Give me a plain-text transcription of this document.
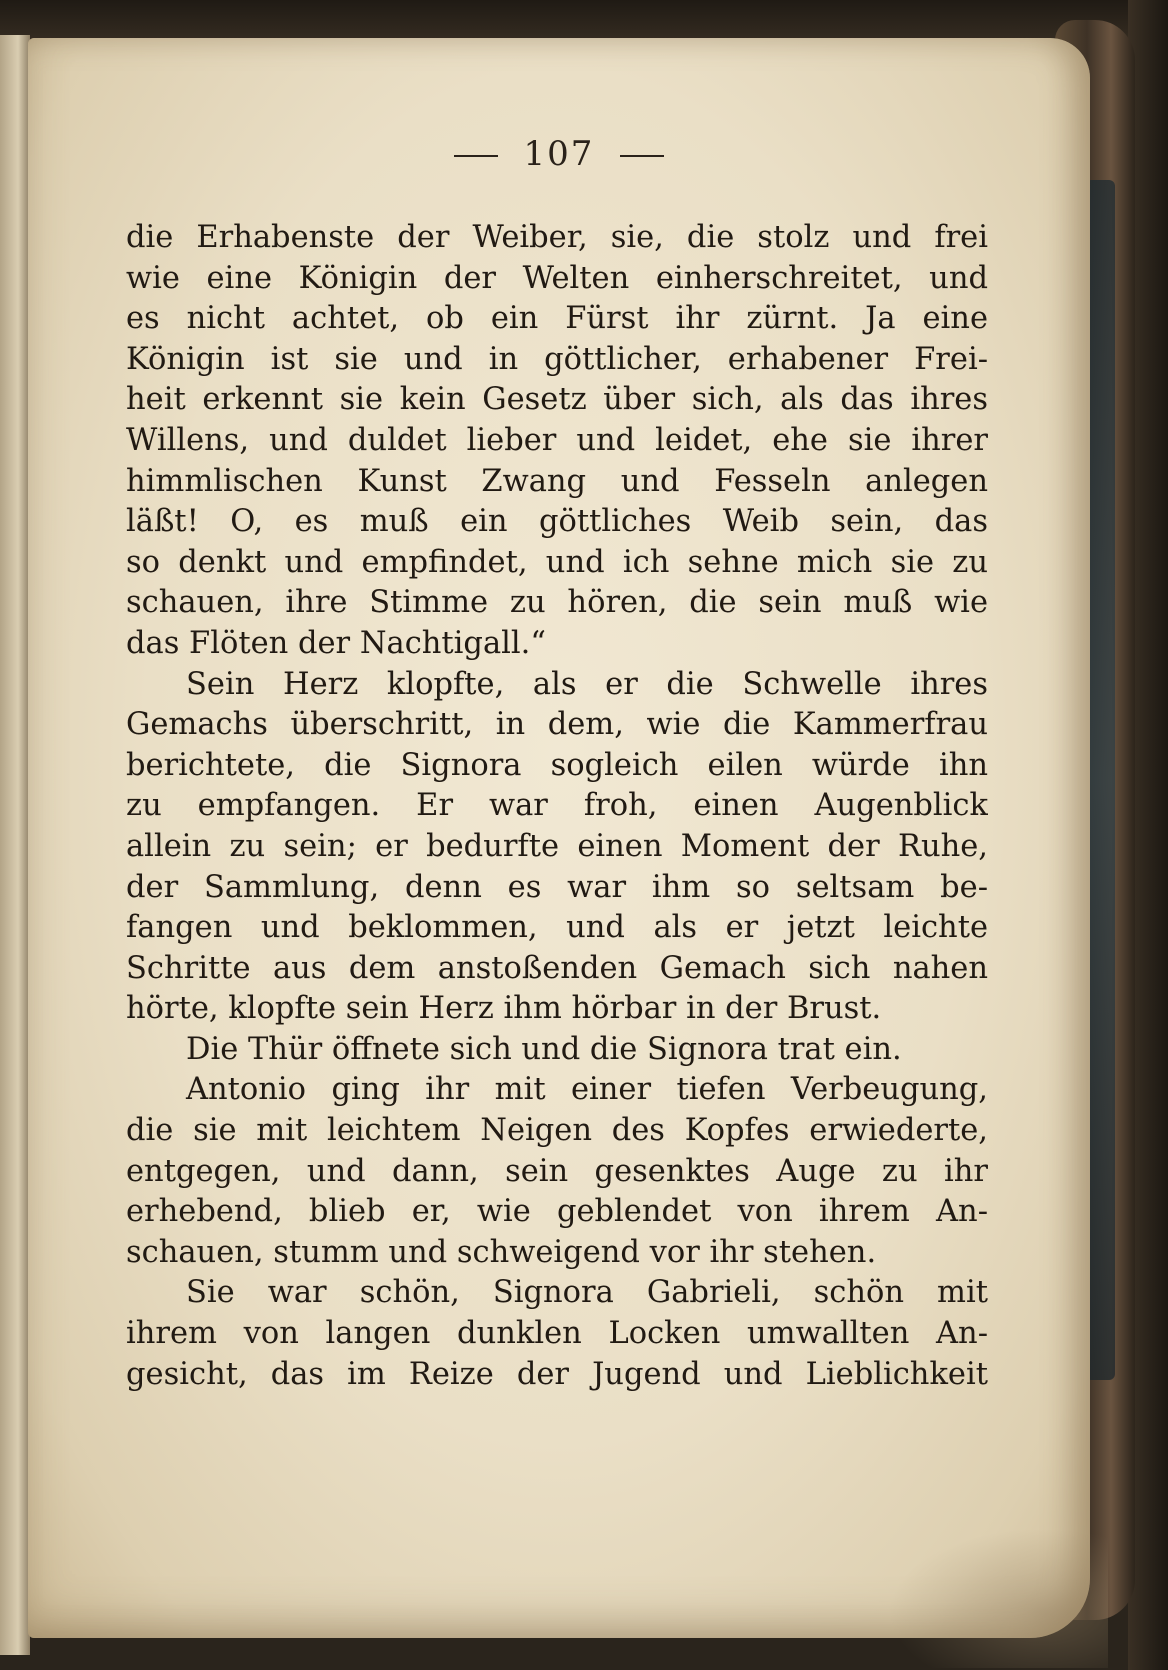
107
die Erhabenste der Weiber, sie, die stolz und frei
wie eine Königin der Welten einherschreitet, und
es nicht achtet, ob ein Fürst ihr zürnt. Ja eine
Königin ist sie und in göttlicher, erhabener Frei-
heit erkennt sie kein Gesetz über sich, als das ihres
Willens, und duldet lieber und leidet, ehe sie ihrer
himmlischen Kunst Zwang und Fesseln anlegen
läßt! O, es muß ein göttliches Weib sein, das
so denkt und empfindet, und ich sehne mich sie zu
schauen, ihre Stimme zu hören, die sein muß wie
das Flöten der Nachtigall.“
Sein Herz klopfte, als er die Schwelle ihres
Gemachs überschritt, in dem, wie die Kammerfrau
berichtete, die Signora sogleich eilen würde ihn
zu empfangen. Er war froh, einen Augenblick
allein zu sein; er bedurfte einen Moment der Ruhe,
der Sammlung, denn es war ihm so seltsam be-
fangen und beklommen, und als er jetzt leichte
Schritte aus dem anstoßenden Gemach sich nahen
hörte, klopfte sein Herz ihm hörbar in der Brust.
Die Thür öffnete sich und die Signora trat ein.
Antonio ging ihr mit einer tiefen Verbeugung,
die sie mit leichtem Neigen des Kopfes erwiederte,
entgegen, und dann, sein gesenktes Auge zu ihr
erhebend, blieb er, wie geblendet von ihrem An-
schauen, stumm und schweigend vor ihr stehen.
Sie war schön, Signora Gabrieli, schön mit
ihrem von langen dunklen Locken umwallten An-
gesicht, das im Reize der Jugend und Lieblichkeit
